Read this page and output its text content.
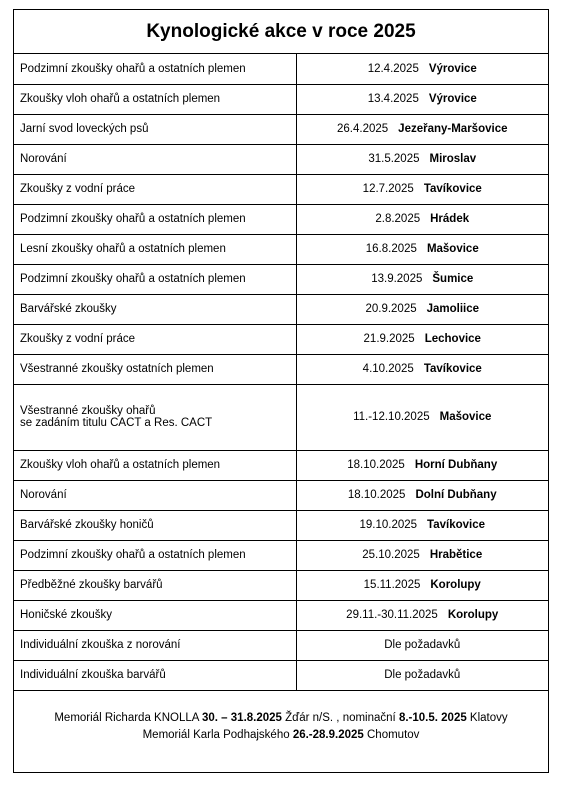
Kynologické akce v roce 2025
Podzimní zkoušky ohařů a ostatních plemen	12.4.2025 Výrovice
Zkoušky vloh ohařů a ostatních plemen	13.4.2025 Výrovice
Jarní svod loveckých psů	26.4.2025 Jezeřany-Maršovice
Norování	31.5.2025 Miroslav
Zkoušky z vodní práce	12.7.2025 Tavíkovice
Podzimní zkoušky ohařů a ostatních plemen	2.8.2025 Hrádek
Lesní zkoušky ohařů a ostatních plemen	16.8.2025 Mašovice
Podzimní zkoušky ohařů a ostatních plemen	13.9.2025 Šumice
Barvářské zkoušky	20.9.2025 Jamoliice
Zkoušky z vodní práce	21.9.2025 Lechovice
Všestranné zkoušky ostatních plemen	4.10.2025 Tavíkovice
Všestranné zkoušky ohařů
se zadáním titulu CACT a Res. CACT	11.-12.10.2025 Mašovice
Zkoušky vloh ohařů a ostatních plemen	18.10.2025 Horní Dubňany
Norování	18.10.2025 Dolní Dubňany
Barvářské zkoušky honičů	19.10.2025 Tavíkovice
Podzimní zkoušky ohařů a ostatních plemen	25.10.2025 Hrabětice
Předběžné zkoušky barvářů	15.11.2025 Korolupy
Honičské zkoušky	29.11.-30.11.2025 Korolupy
Individuální zkouška z norování	Dle požadavků
Individuální zkouška barvářů	Dle požadavků
Memoriál Richarda KNOLLA 30. – 31.8.2025 Žďár n/S. , nominační 8.-10.5. 2025 Klatovy
Memoriál Karla Podhajského 26.-28.9.2025 Chomutov
